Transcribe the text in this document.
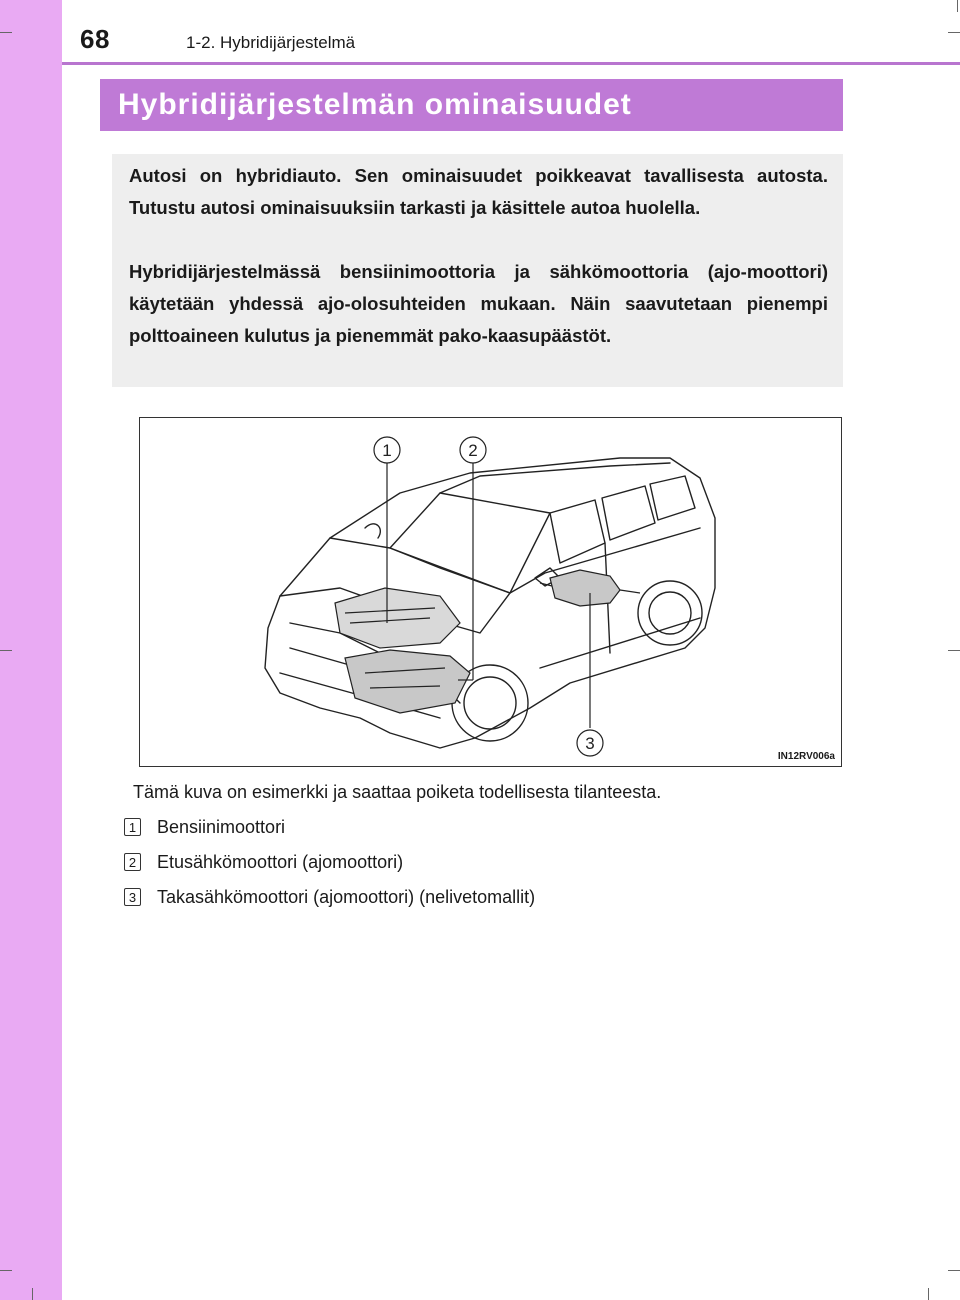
68	1-2. Hybridijärjestelmä
Hybridijärjestelmän ominaisuudet

Autosi on hybridiauto. Sen ominaisuudet poikkeavat tavallisesta autosta. Tutustu autosi ominaisuuksiin tarkasti ja käsittele autoa huolella.

Hybridijärjestelmässä bensiinimoottoria ja sähkömoottoria (ajo-moottori) käytetään yhdessä ajo-olosuhteiden mukaan. Näin saavutetaan pienempi polttoaineen kulutus ja pienemmät pako-kaasupäästöt.

1	2
3
IN12RV006a
Tämä kuva on esimerkki ja saattaa poiketa todellisesta tilanteesta.
1 Bensiinimoottori
2 Etusähkömoottori (ajomoottori)
3 Takasähkömoottori (ajomoottori) (nelivetomallit)
